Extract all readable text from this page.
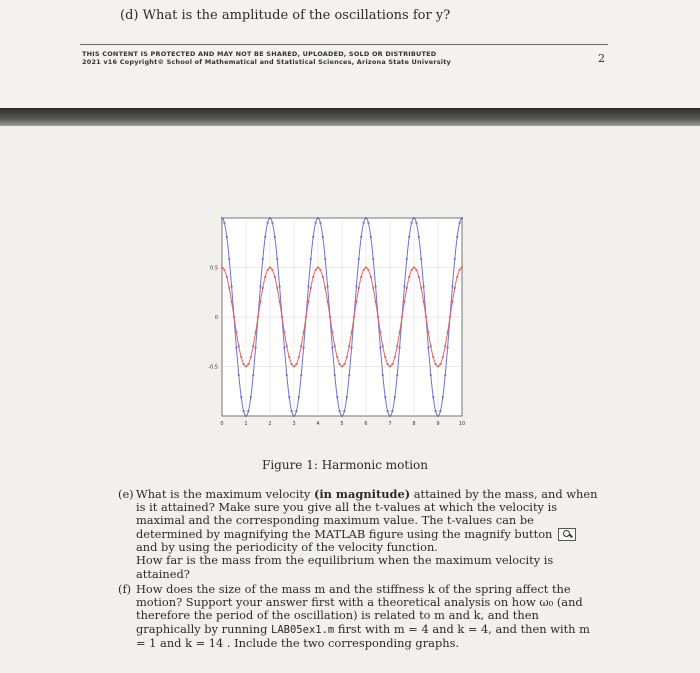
(d) What is the amplitude of the oscillations for y?
THIS CONTENT IS PROTECTED AND MAY NOT BE SHARED, UPLOADED, SOLD OR DISTRIBUTED
2021 v16 Copyright© School of Mathematical and Statistical Sciences, Arizona State University	2
0.5
0
-0.5
0	1	2	3	4	5	6	7	8	9	10
Figure 1: Harmonic motion
(e) What is the maximum velocity (in magnitude) attained by the mass, and when is it attained? Make sure you give all the t-values at which the velocity is maximal and the corresponding maximum value. The t-values can be determined by magnifying the MATLAB figure using the magnify button  and by using the periodicity of the velocity function.
How far is the mass from the equilibrium when the maximum velocity is attained?
(f) How does the size of the mass m and the stiffness k of the spring affect the motion? Support your answer first with a theoretical analysis on how ω₀ (and therefore the period of the oscillation) is related to m and k, and then graphically by running LAB05ex1.m first with m = 4 and k = 4, and then with m = 1 and k = 14 . Include the two corresponding graphs.
